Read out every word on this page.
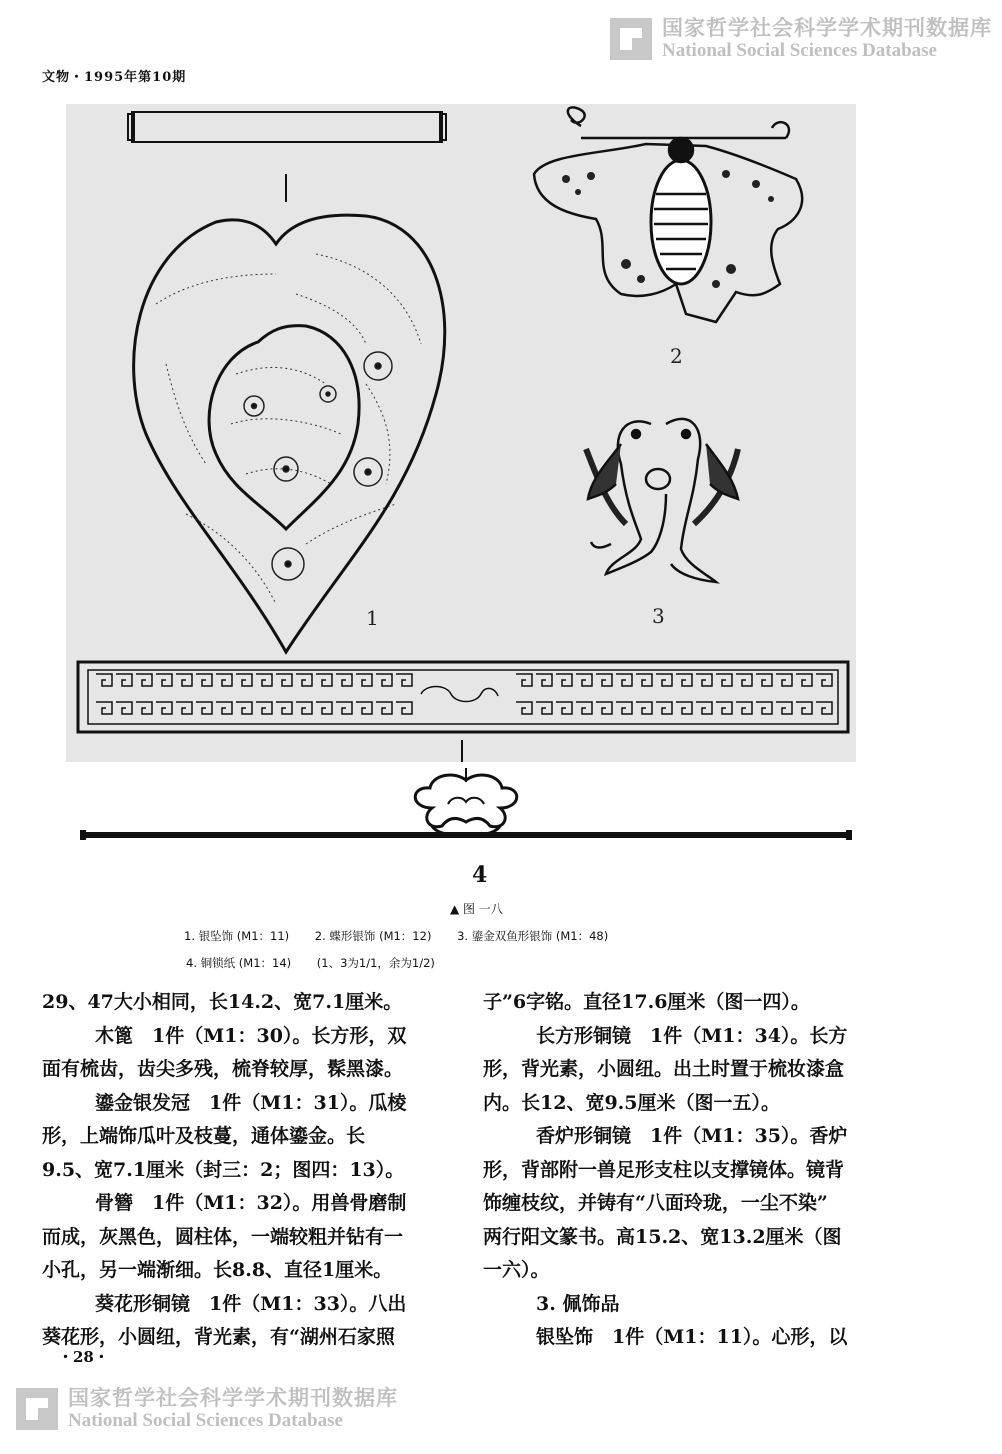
国家哲学社会科学学术期刊数据库
National Social Sciences Database
文物・1995年第10期
1
2
3
4
▲ 图 一八
1. 银坠饰 (M1：11) 2. 蝶形银饰 (M1：12) 3. 鎏金双鱼形银饰 (M1：48)
4. 铜锁纸 (M1：14) (1、3为1/1，余为1/2)

29、47大小相同，长14.2、宽7.1厘米。

木篦　1件（M1：30）。长方形，双

面有梳齿，齿尖多残，梳脊较厚，髹黑漆。

鎏金银发冠　1件（M1：31）。瓜棱

形，上端饰瓜叶及枝蔓，通体鎏金。长

9.5、宽7.1厘米（封三：2；图四：13）。

骨簪　1件（M1：32）。用兽骨磨制

而成，灰黑色，圆柱体，一端较粗并钻有一

小孔，另一端渐细。长8.8、直径1厘米。

葵花形铜镜　1件（M1：33）。八出

葵花形，小圆纽，背光素，有“湖州石家照

子”6字铭。直径17.6厘米（图一四）。

长方形铜镜　1件（M1：34）。长方

形，背光素，小圆纽。出土时置于梳妆漆盒

内。长12、宽9.5厘米（图一五）。

香炉形铜镜　1件（M1：35）。香炉

形，背部附一兽足形支柱以支撑镜体。镜背

饰缠枝纹，并铸有“八面玲珑，一尘不染”

两行阳文篆书。高15.2、宽13.2厘米（图

一六）。

3. 佩饰品

银坠饰　1件（M1：11）。心形，以

・28・
国家哲学社会科学学术期刊数据库
National Social Sciences Database
